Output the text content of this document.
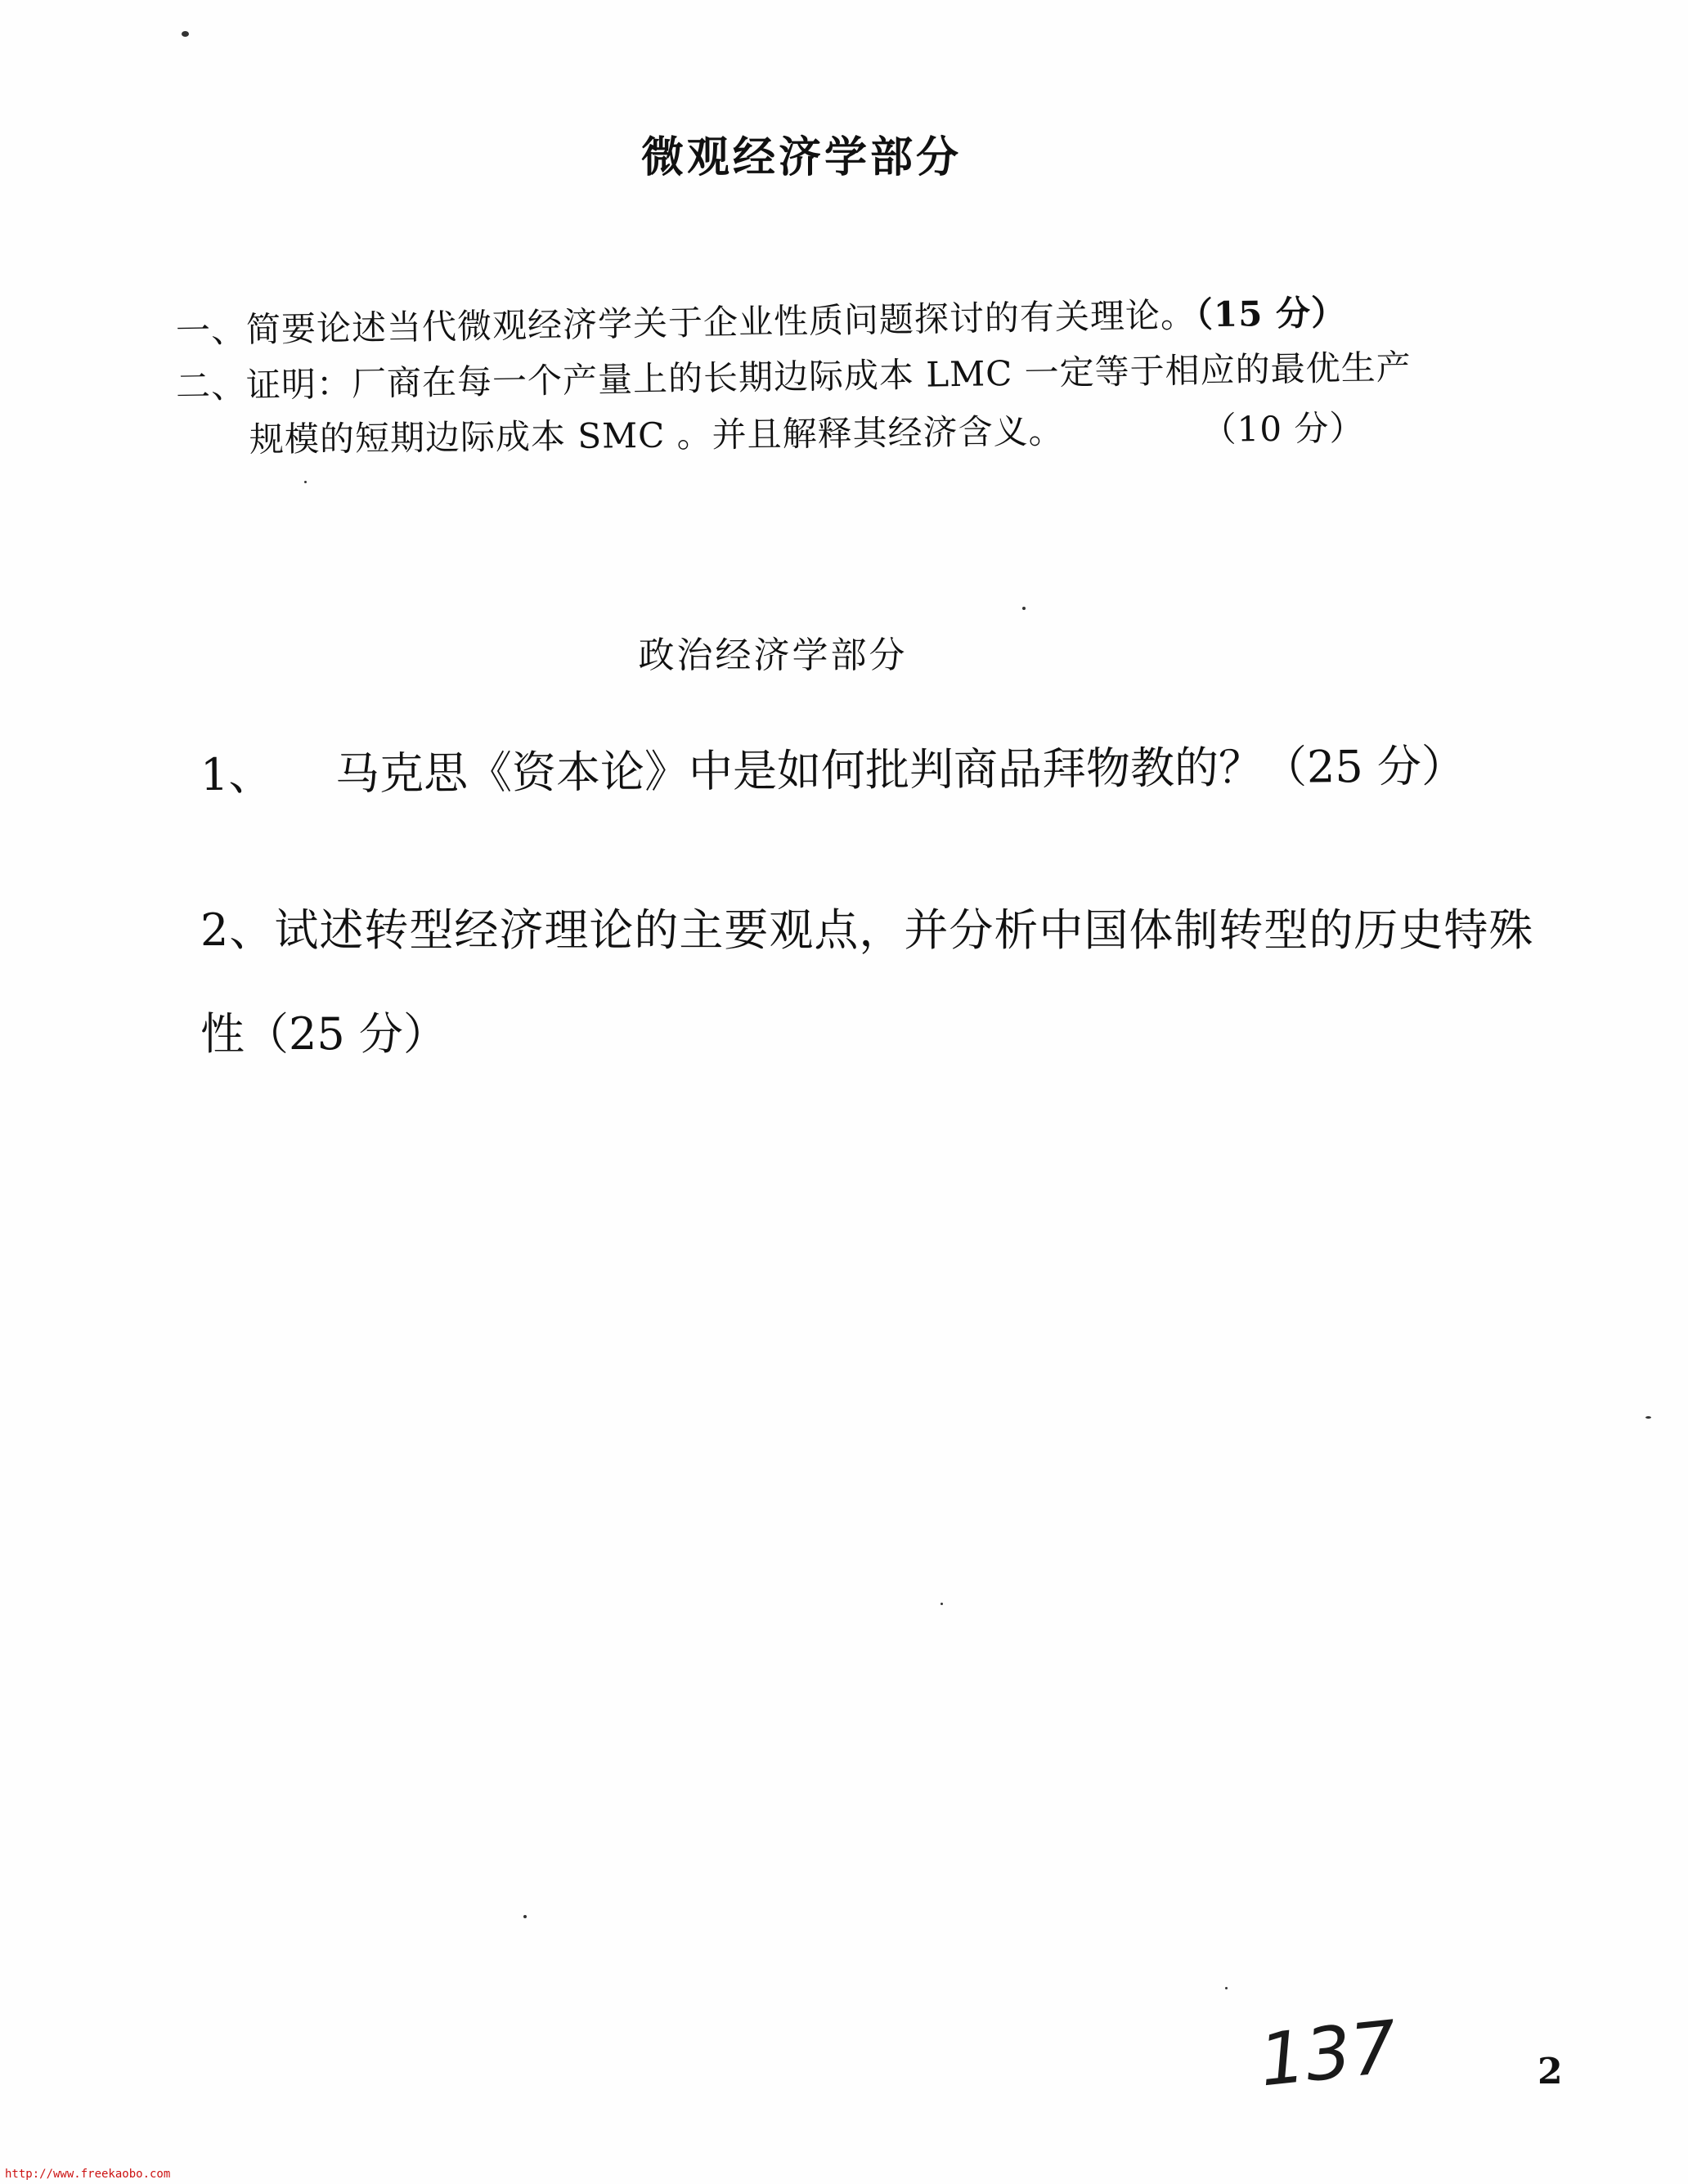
微观经济学部分
一、简要论述当代微观经济学关于企业性质问题探讨的有关理论。（15 分）
二、证明：厂商在每一个产量上的长期边际成本 LMC 一定等于相应的最优生产
规模的短期边际成本 SMC 。并且解释其经济含义。	（10 分）
政治经济学部分
1、 马克思《资本论》中是如何批判商品拜物教的？（25 分）
2、试述转型经济理论的主要观点，并分析中国体制转型的历史特殊
性（25 分）
137	2
http://www.freekaobo.com
